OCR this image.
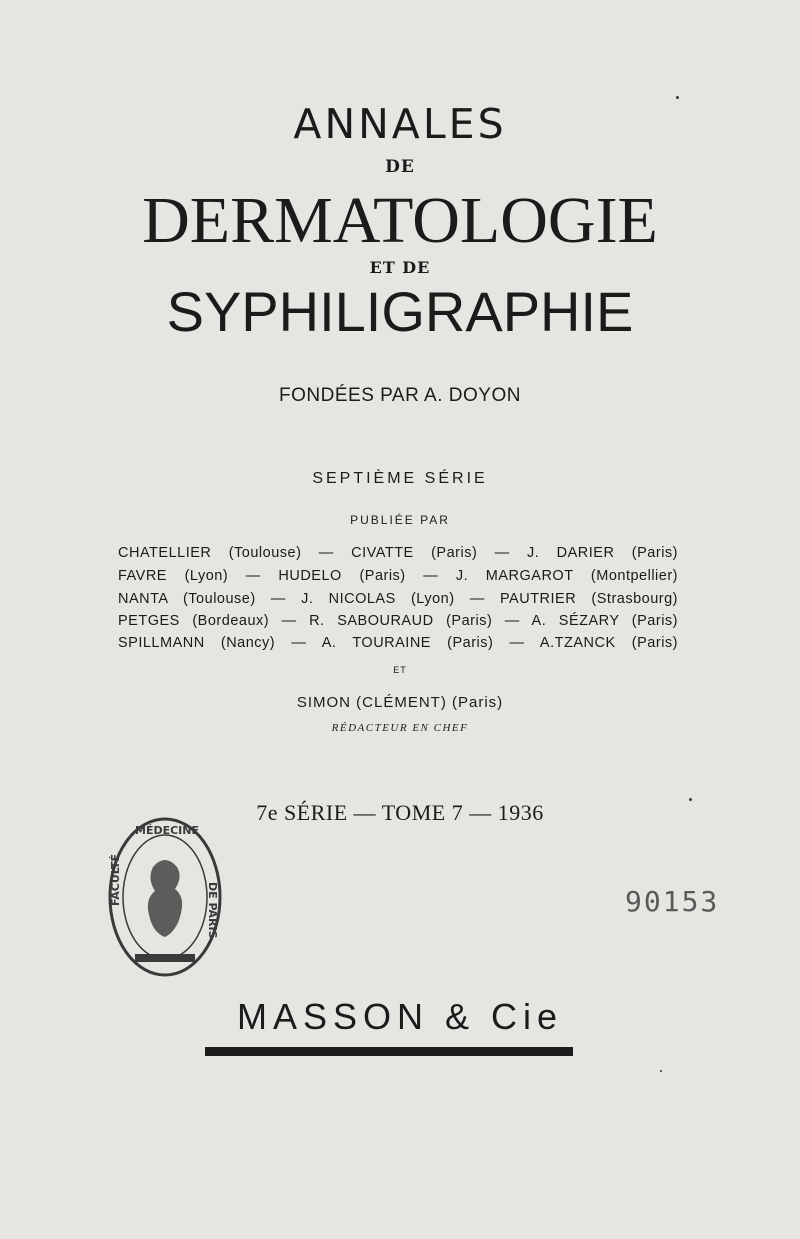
ANNALES
DE
DERMATOLOGIE
ET DE
SYPHILIGRAPHIE
FONDÉES PAR A. DOYON
SEPTIÈME SÉRIE
PUBLIÉE PAR
CHATELLIER (Toulouse) — CIVATTE (Paris) — J. DARIER (Paris)
FAVRE (Lyon) — HUDELO (Paris) — J. MARGAROT (Montpellier)
NANTA (Toulouse) — J. NICOLAS (Lyon) — PAUTRIER (Strasbourg)
PETGES (Bordeaux) — R. SABOURAUD (Paris) — A. SÉZARY (Paris)
SPILLMANN (Nancy) — A. TOURAINE (Paris) — A.TZANCK (Paris)
ET
SIMON (CLÉMENT) (Paris)
RÉDACTEUR EN CHEF
7e SÉRIE — TOME 7 — 1936
FACULTÉ
DE PARIS
MÉDECINE
90153
MASSON & Cie
